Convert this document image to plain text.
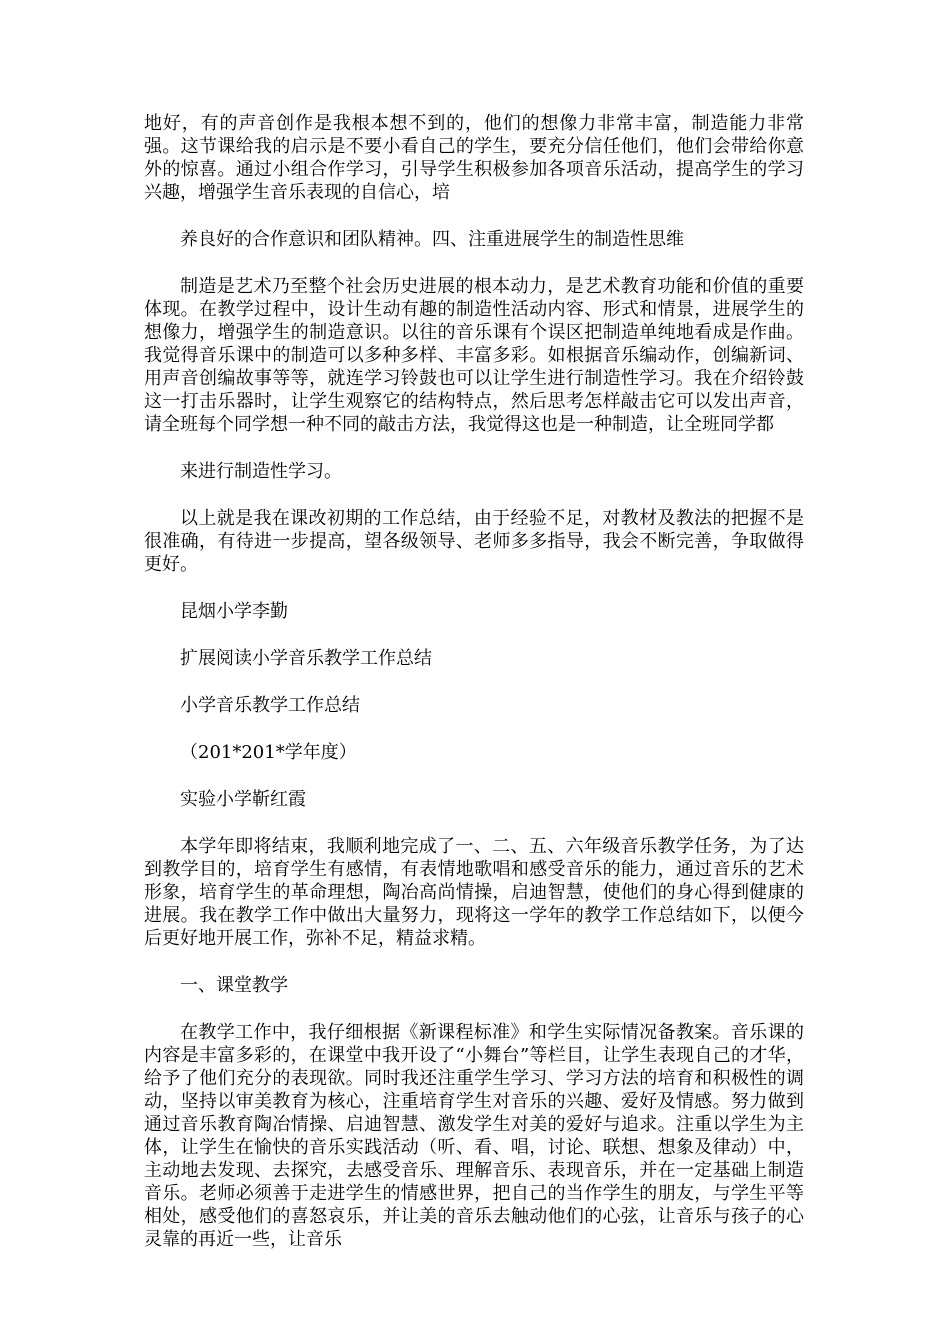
地好，有的声音创作是我根本想不到的，他们的想像力非常丰富，制造能力非常强。这节课给我的启示是不要小看自己的学生，要充分信任他们，他们会带给你意外的惊喜。通过小组合作学习，引导学生积极参加各项音乐活动，提高学生的学习兴趣，增强学生音乐表现的自信心，培

养良好的合作意识和团队精神。四、注重进展学生的制造性思维

制造是艺术乃至整个社会历史进展的根本动力，是艺术教育功能和价值的重要体现。在教学过程中，设计生动有趣的制造性活动内容、形式和情景，进展学生的想像力，增强学生的制造意识。以往的音乐课有个误区把制造单纯地看成是作曲。我觉得音乐课中的制造可以多种多样、丰富多彩。如根据音乐编动作，创编新词、用声音创编故事等等，就连学习铃鼓也可以让学生进行制造性学习。我在介绍铃鼓这一打击乐器时，让学生观察它的结构特点，然后思考怎样敲击它可以发出声音，请全班每个同学想一种不同的敲击方法，我觉得这也是一种制造，让全班同学都

来进行制造性学习。

以上就是我在课改初期的工作总结，由于经验不足，对教材及教法的把握不是很准确，有待进一步提高，望各级领导、老师多多指导，我会不断完善，争取做得更好。

昆烟小学李勤

扩展阅读小学音乐教学工作总结

小学音乐教学工作总结

（201*201*学年度）

实验小学靳红霞

本学年即将结束，我顺利地完成了一、二、五、六年级音乐教学任务，为了达到教学目的，培育学生有感情，有表情地歌唱和感受音乐的能力，通过音乐的艺术形象，培育学生的革命理想，陶冶高尚情操，启迪智慧，使他们的身心得到健康的进展。我在教学工作中做出大量努力，现将这一学年的教学工作总结如下，以便今后更好地开展工作，弥补不足，精益求精。

一、课堂教学

在教学工作中，我仔细根据《新课程标准》和学生实际情况备教案。音乐课的内容是丰富多彩的，在课堂中我开设了“小舞台”等栏目，让学生表现自己的才华，给予了他们充分的表现欲。同时我还注重学生学习、学习方法的培育和积极性的调动，坚持以审美教育为核心，注重培育学生对音乐的兴趣、爱好及情感。努力做到通过音乐教育陶冶情操、启迪智慧、激发学生对美的爱好与追求。注重以学生为主体，让学生在愉快的音乐实践活动（听、看、唱，讨论、联想、想象及律动）中，主动地去发现、去探究，去感受音乐、理解音乐、表现音乐，并在一定基础上制造音乐。老师必须善于走进学生的情感世界，把自己的当作学生的朋友，与学生平等相处，感受他们的喜怒哀乐，并让美的音乐去触动他们的心弦，让音乐与孩子的心灵靠的再近一些，让音乐
